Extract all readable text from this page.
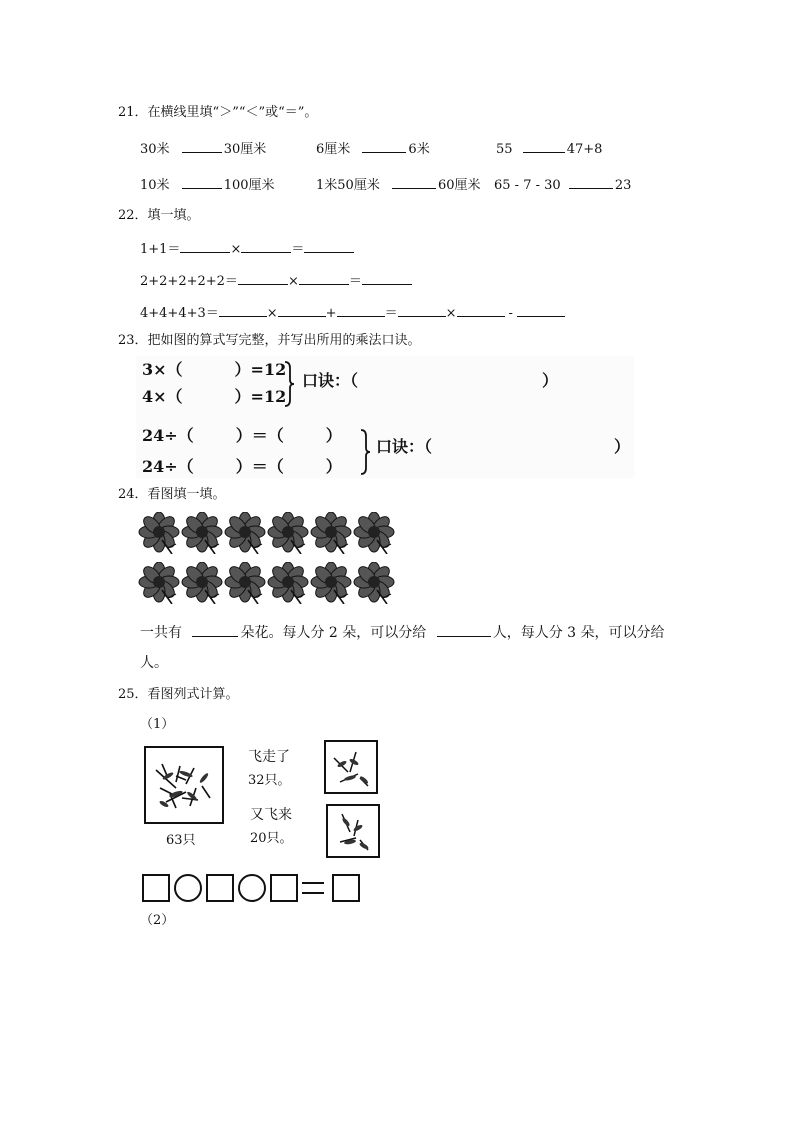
21．在横线里填“＞”“＜”或“＝”。
30米	30厘米	6厘米	6米	55	47+8
10米	100厘米	1米50厘米	60厘米 65 - 7 - 30	23
22．填一填。
1+1＝	×	＝
2+2+2+2+2＝	×	＝
4+4+4+3＝	×	+	＝	×	-
23．把如图的算式写完整，并写出所用的乘法口诀。
3×（	）=12
4×（	）=12
口诀：（	）
24÷（	）＝（	）
24÷（	）＝（	）
口诀：（	）
24．看图填一填。
一共有	朵花。每人分 2 朵，可以分给	人，每人分 3 朵，可以分给
人。
25．看图列式计算。
（1）
63只
飞走了
32只。
又飞来
20只。
（2）
